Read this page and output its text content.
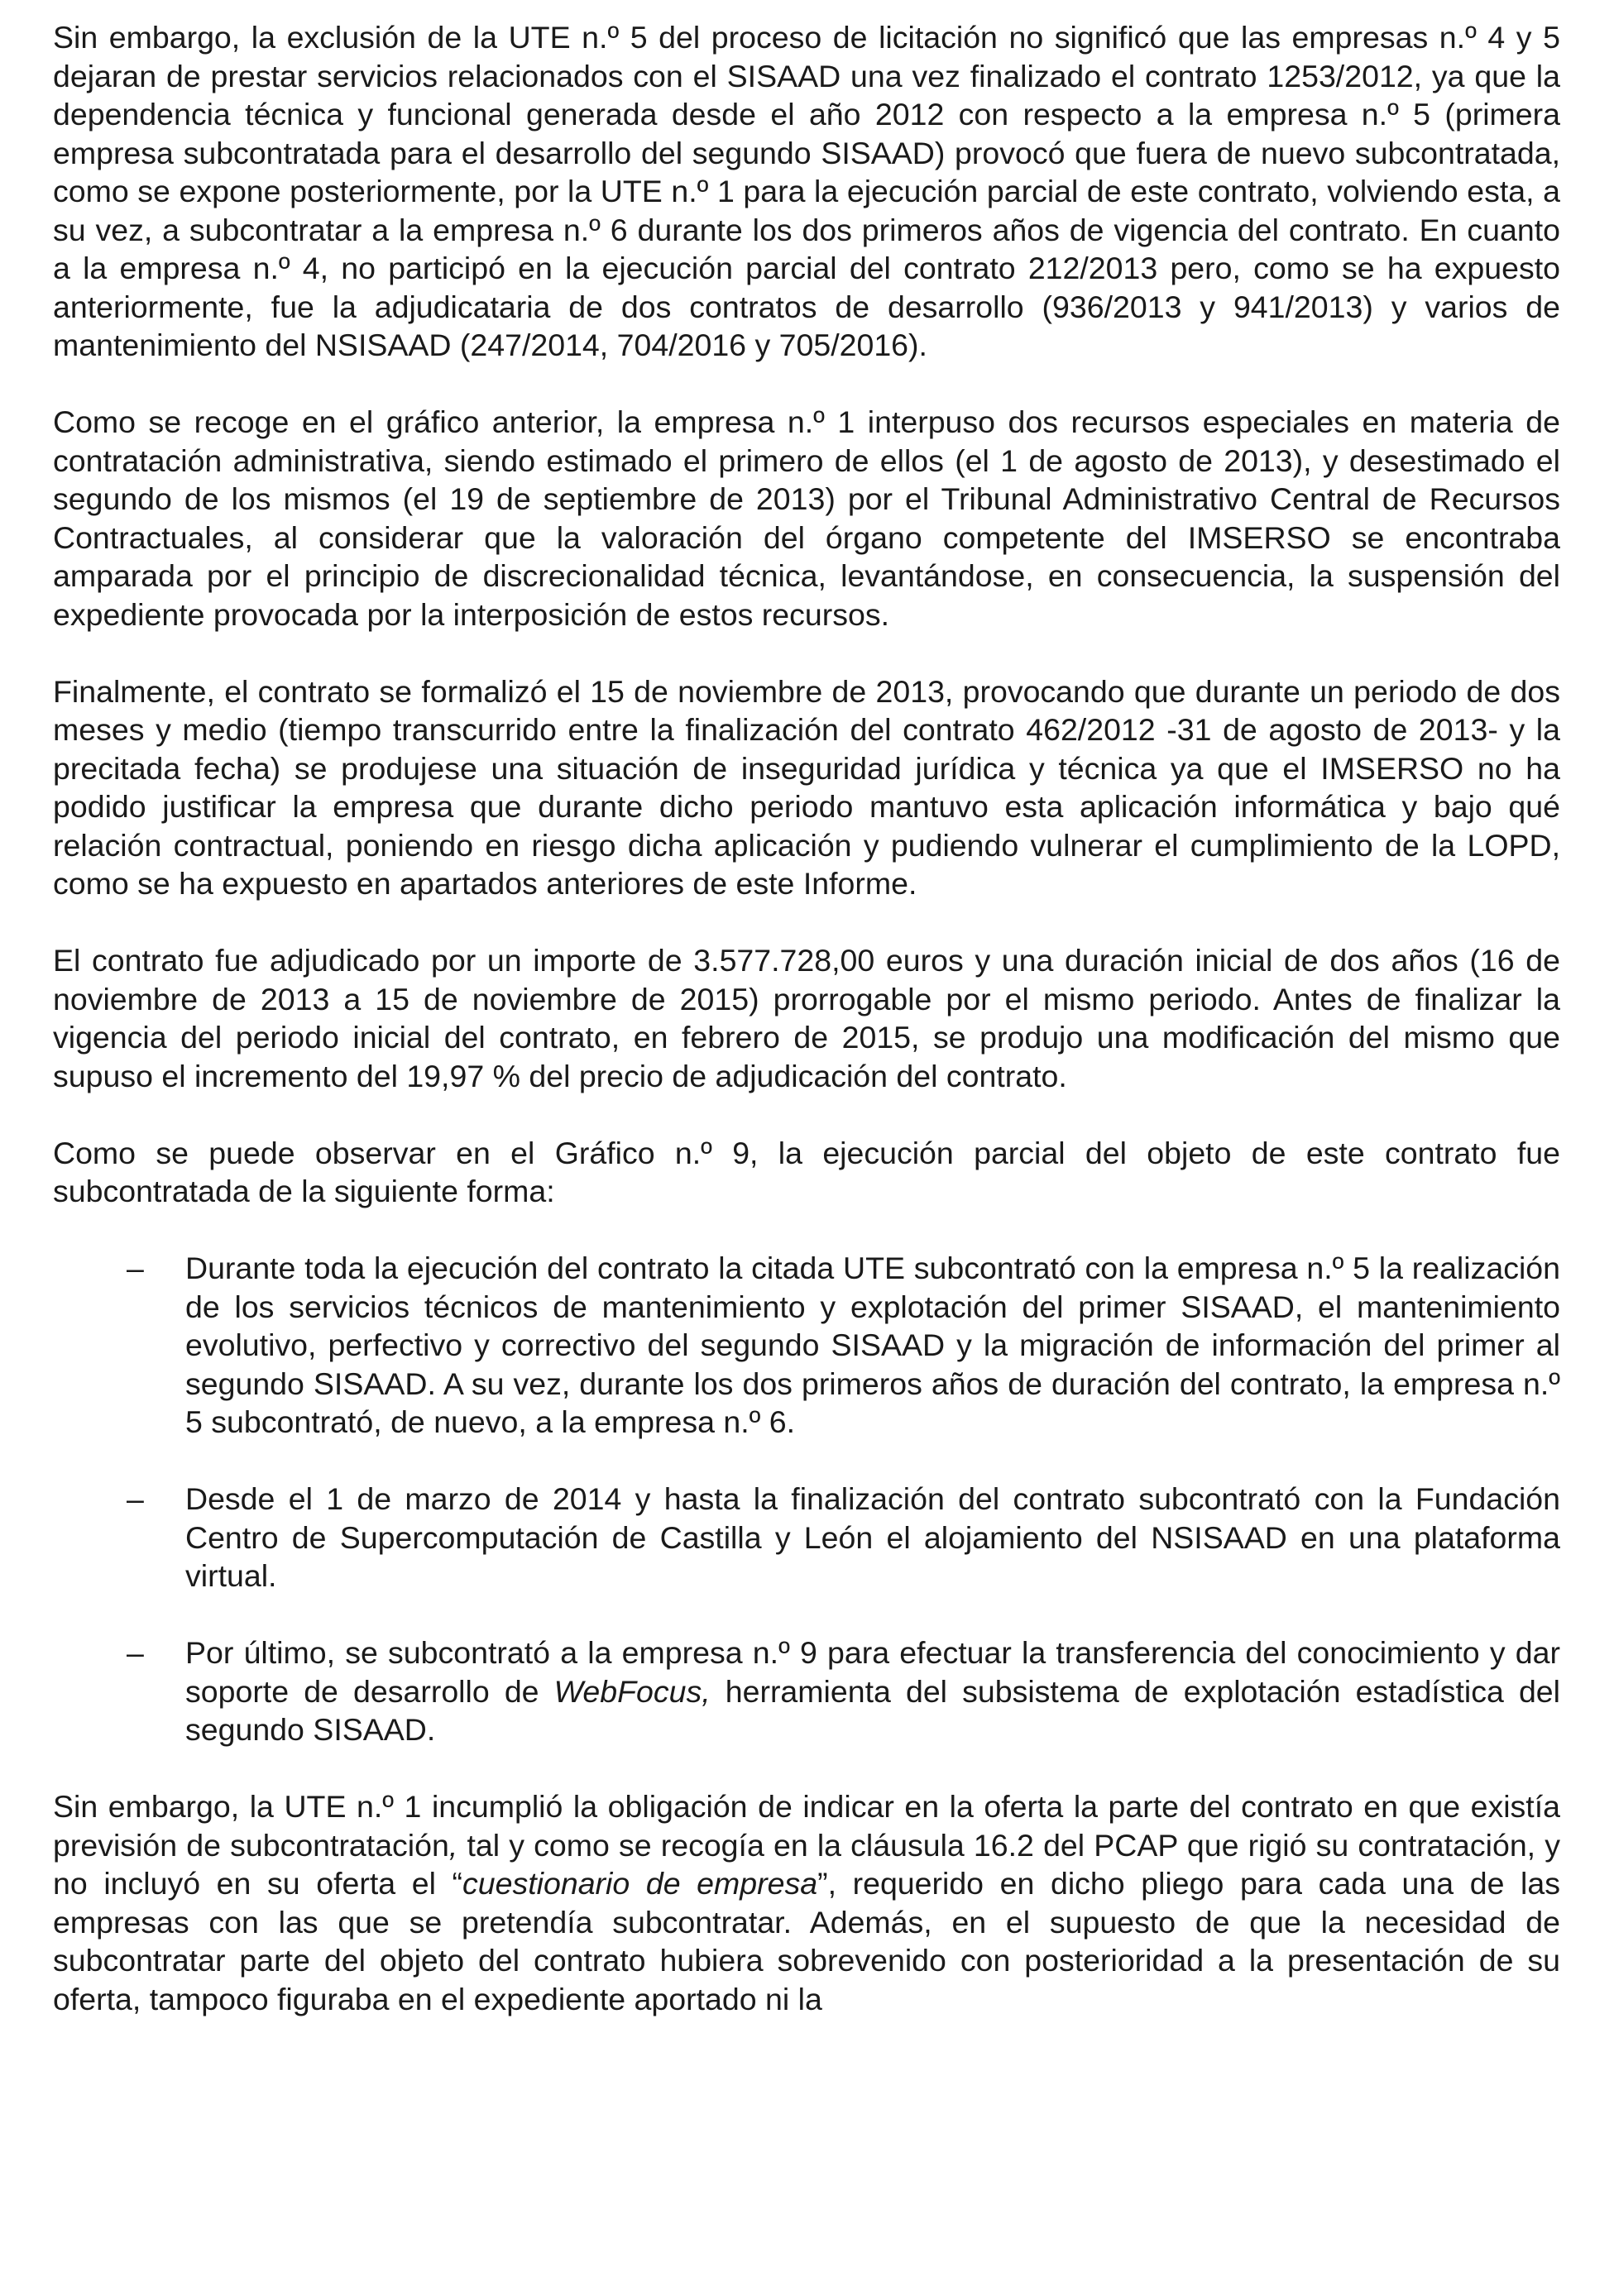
Sin embargo, la exclusión de la UTE n.º 5 del proceso de licitación no significó que las empresas n.º 4 y 5 dejaran de prestar servicios relacionados con el SISAAD una vez finalizado el contrato 1253/2012, ya que la dependencia técnica y funcional generada desde el año 2012 con respecto a la empresa n.º 5 (primera empresa subcontratada para el desarrollo del segundo SISAAD) provocó que fuera de nuevo subcontratada, como se expone posteriormente, por la UTE n.º 1 para la ejecución parcial de este contrato, volviendo esta, a su vez, a subcontratar a la empresa n.º 6 durante los dos primeros años de vigencia del contrato. En cuanto a la empresa n.º 4, no participó en la ejecución parcial del contrato 212/2013 pero, como se ha expuesto anteriormente, fue la adjudicataria de dos contratos de desarrollo (936/2013 y 941/2013) y varios de mantenimiento del NSISAAD (247/2014, 704/2016 y 705/2016).

Como se recoge en el gráfico anterior, la empresa n.º 1 interpuso dos recursos especiales en materia de contratación administrativa, siendo estimado el primero de ellos (el 1 de agosto de 2013), y desestimado el segundo de los mismos (el 19 de septiembre de 2013) por el Tribunal Administrativo Central de Recursos Contractuales, al considerar que la valoración del órgano competente del IMSERSO se encontraba amparada por el principio de discrecionalidad técnica, levantándose, en consecuencia, la suspensión del expediente provocada por la interposición de estos recursos.

Finalmente, el contrato se formalizó el 15 de noviembre de 2013, provocando que durante un periodo de dos meses y medio (tiempo transcurrido entre la finalización del contrato 462/2012 -31 de agosto de 2013- y la precitada fecha) se produjese una situación de inseguridad jurídica y técnica ya que el IMSERSO no ha podido justificar la empresa que durante dicho periodo mantuvo esta aplicación informática y bajo qué relación contractual, poniendo en riesgo dicha aplicación y pudiendo vulnerar el cumplimiento de la LOPD, como se ha expuesto en apartados anteriores de este Informe.

El contrato fue adjudicado por un importe de 3.577.728,00 euros y una duración inicial de dos años (16 de noviembre de 2013 a 15 de noviembre de 2015) prorrogable por el mismo periodo. Antes de finalizar la vigencia del periodo inicial del contrato, en febrero de 2015, se produjo una modificación del mismo que supuso el incremento del 19,97 % del precio de adjudicación del contrato.

Como se puede observar en el Gráfico n.º 9, la ejecución parcial del objeto de este contrato fue subcontratada de la siguiente forma:

– Durante toda la ejecución del contrato la citada UTE subcontrató con la empresa n.º 5 la realización de los servicios técnicos de mantenimiento y explotación del primer SISAAD, el mantenimiento evolutivo, perfectivo y correctivo del segundo SISAAD y la migración de información del primer al segundo SISAAD. A su vez, durante los dos primeros años de duración del contrato, la empresa n.º 5 subcontrató, de nuevo, a la empresa n.º 6.
– Desde el 1 de marzo de 2014 y hasta la finalización del contrato subcontrató con la Fundación Centro de Supercomputación de Castilla y León el alojamiento del NSISAAD en una plataforma virtual.
– Por último, se subcontrató a la empresa n.º 9 para efectuar la transferencia del conocimiento y dar soporte de desarrollo de WebFocus, herramienta del subsistema de explotación estadística del segundo SISAAD.

Sin embargo, la UTE n.º 1 incumplió la obligación de indicar en la oferta la parte del contrato en que existía previsión de subcontratación, tal y como se recogía en la cláusula 16.2 del PCAP que rigió su contratación, y no incluyó en su oferta el “cuestionario de empresa”, requerido en dicho pliego para cada una de las empresas con las que se pretendía subcontratar. Además, en el supuesto de que la necesidad de subcontratar parte del objeto del contrato hubiera sobrevenido con posterioridad a la presentación de su oferta, tampoco figuraba en el expediente aportado ni la
